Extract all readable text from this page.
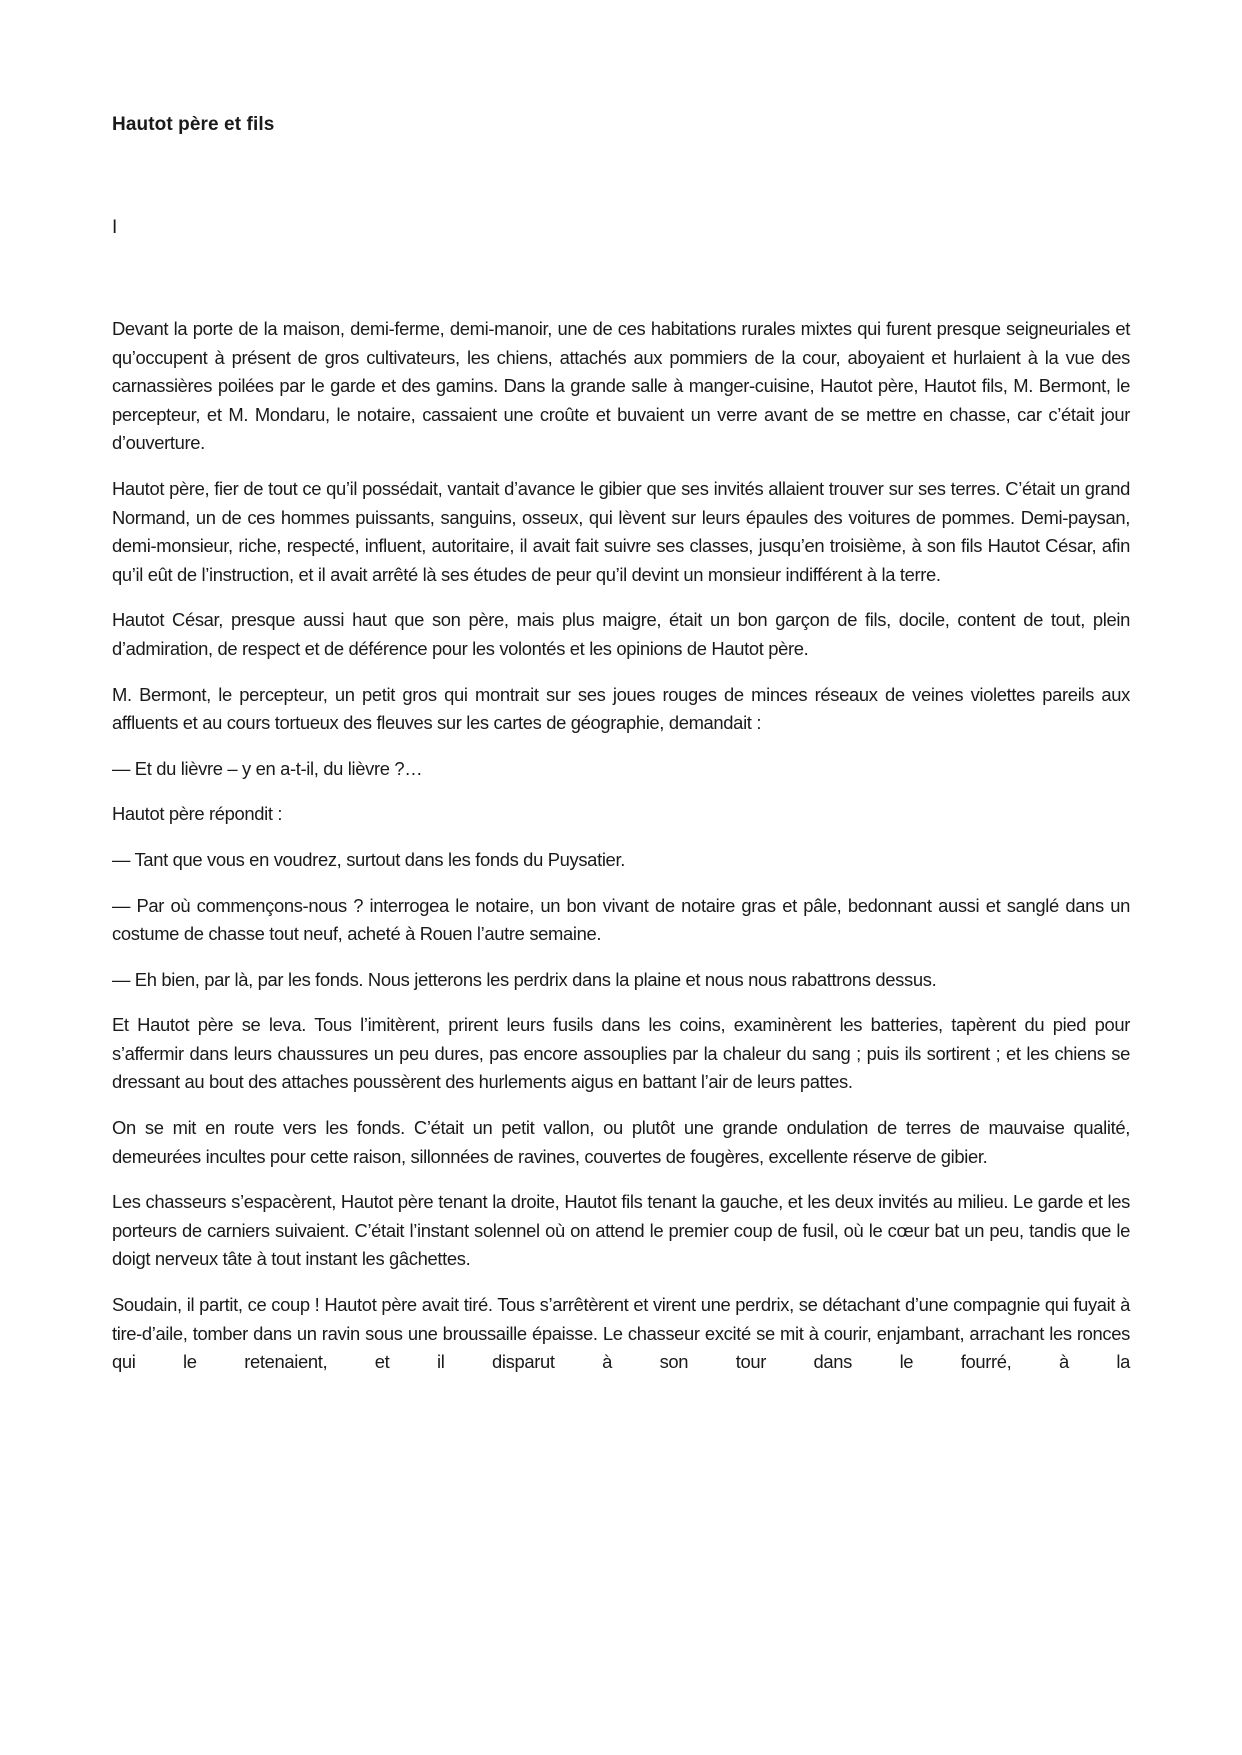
Hautot père et fils
I

Devant la porte de la maison, demi-ferme, demi-manoir, une de ces habitations rurales mixtes qui furent presque seigneuriales et qu’occupent à présent de gros cultivateurs, les chiens, attachés aux pommiers de la cour, aboyaient et hurlaient à la vue des carnassières poilées par le garde et des gamins. Dans la grande salle à manger-cuisine, Hautot père, Hautot fils, M. Bermont, le percepteur, et M. Mondaru, le notaire, cassaient une croûte et buvaient un verre avant de se mettre en chasse, car c’était jour d’ouverture.

Hautot père, fier de tout ce qu’il possédait, vantait d’avance le gibier que ses invités allaient trouver sur ses terres. C’était un grand Normand, un de ces hommes puissants, sanguins, osseux, qui lèvent sur leurs épaules des voitures de pommes. Demi-paysan, demi-monsieur, riche, respecté, influent, autoritaire, il avait fait suivre ses classes, jusqu’en troisième, à son fils Hautot César, afin qu’il eût de l’instruction, et il avait arrêté là ses études de peur qu’il devint un monsieur indifférent à la terre.

Hautot César, presque aussi haut que son père, mais plus maigre, était un bon garçon de fils, docile, content de tout, plein d’admiration, de respect et de déférence pour les volontés et les opinions de Hautot père.

M. Bermont, le percepteur, un petit gros qui montrait sur ses joues rouges de minces réseaux de veines violettes pareils aux affluents et au cours tortueux des fleuves sur les cartes de géographie, demandait :

— Et du lièvre – y en a-t-il, du lièvre ?…

Hautot père répondit :

— Tant que vous en voudrez, surtout dans les fonds du Puysatier.

— Par où commençons-nous ? interrogea le notaire, un bon vivant de notaire gras et pâle, bedonnant aussi et sanglé dans un costume de chasse tout neuf, acheté à Rouen l’autre semaine.

— Eh bien, par là, par les fonds. Nous jetterons les perdrix dans la plaine et nous nous rabattrons dessus.

Et Hautot père se leva. Tous l’imitèrent, prirent leurs fusils dans les coins, examinèrent les batteries, tapèrent du pied pour s’affermir dans leurs chaussures un peu dures, pas encore assouplies par la chaleur du sang ; puis ils sortirent ; et les chiens se dressant au bout des attaches poussèrent des hurlements aigus en battant l’air de leurs pattes.

On se mit en route vers les fonds. C’était un petit vallon, ou plutôt une grande ondulation de terres de mauvaise qualité, demeurées incultes pour cette raison, sillonnées de ravines, couvertes de fougères, excellente réserve de gibier.

Les chasseurs s’espacèrent, Hautot père tenant la droite, Hautot fils tenant la gauche, et les deux invités au milieu. Le garde et les porteurs de carniers suivaient. C’était l’instant solennel où on attend le premier coup de fusil, où le cœur bat un peu, tandis que le doigt nerveux tâte à tout instant les gâchettes.

Soudain, il partit, ce coup ! Hautot père avait tiré. Tous s’arrêtèrent et virent une perdrix, se détachant d’une compagnie qui fuyait à tire-d’aile, tomber dans un ravin sous une broussaille épaisse. Le chasseur excité se mit à courir, enjambant, arrachant les ronces qui le retenaient, et il disparut à son tour dans le fourré, à la
